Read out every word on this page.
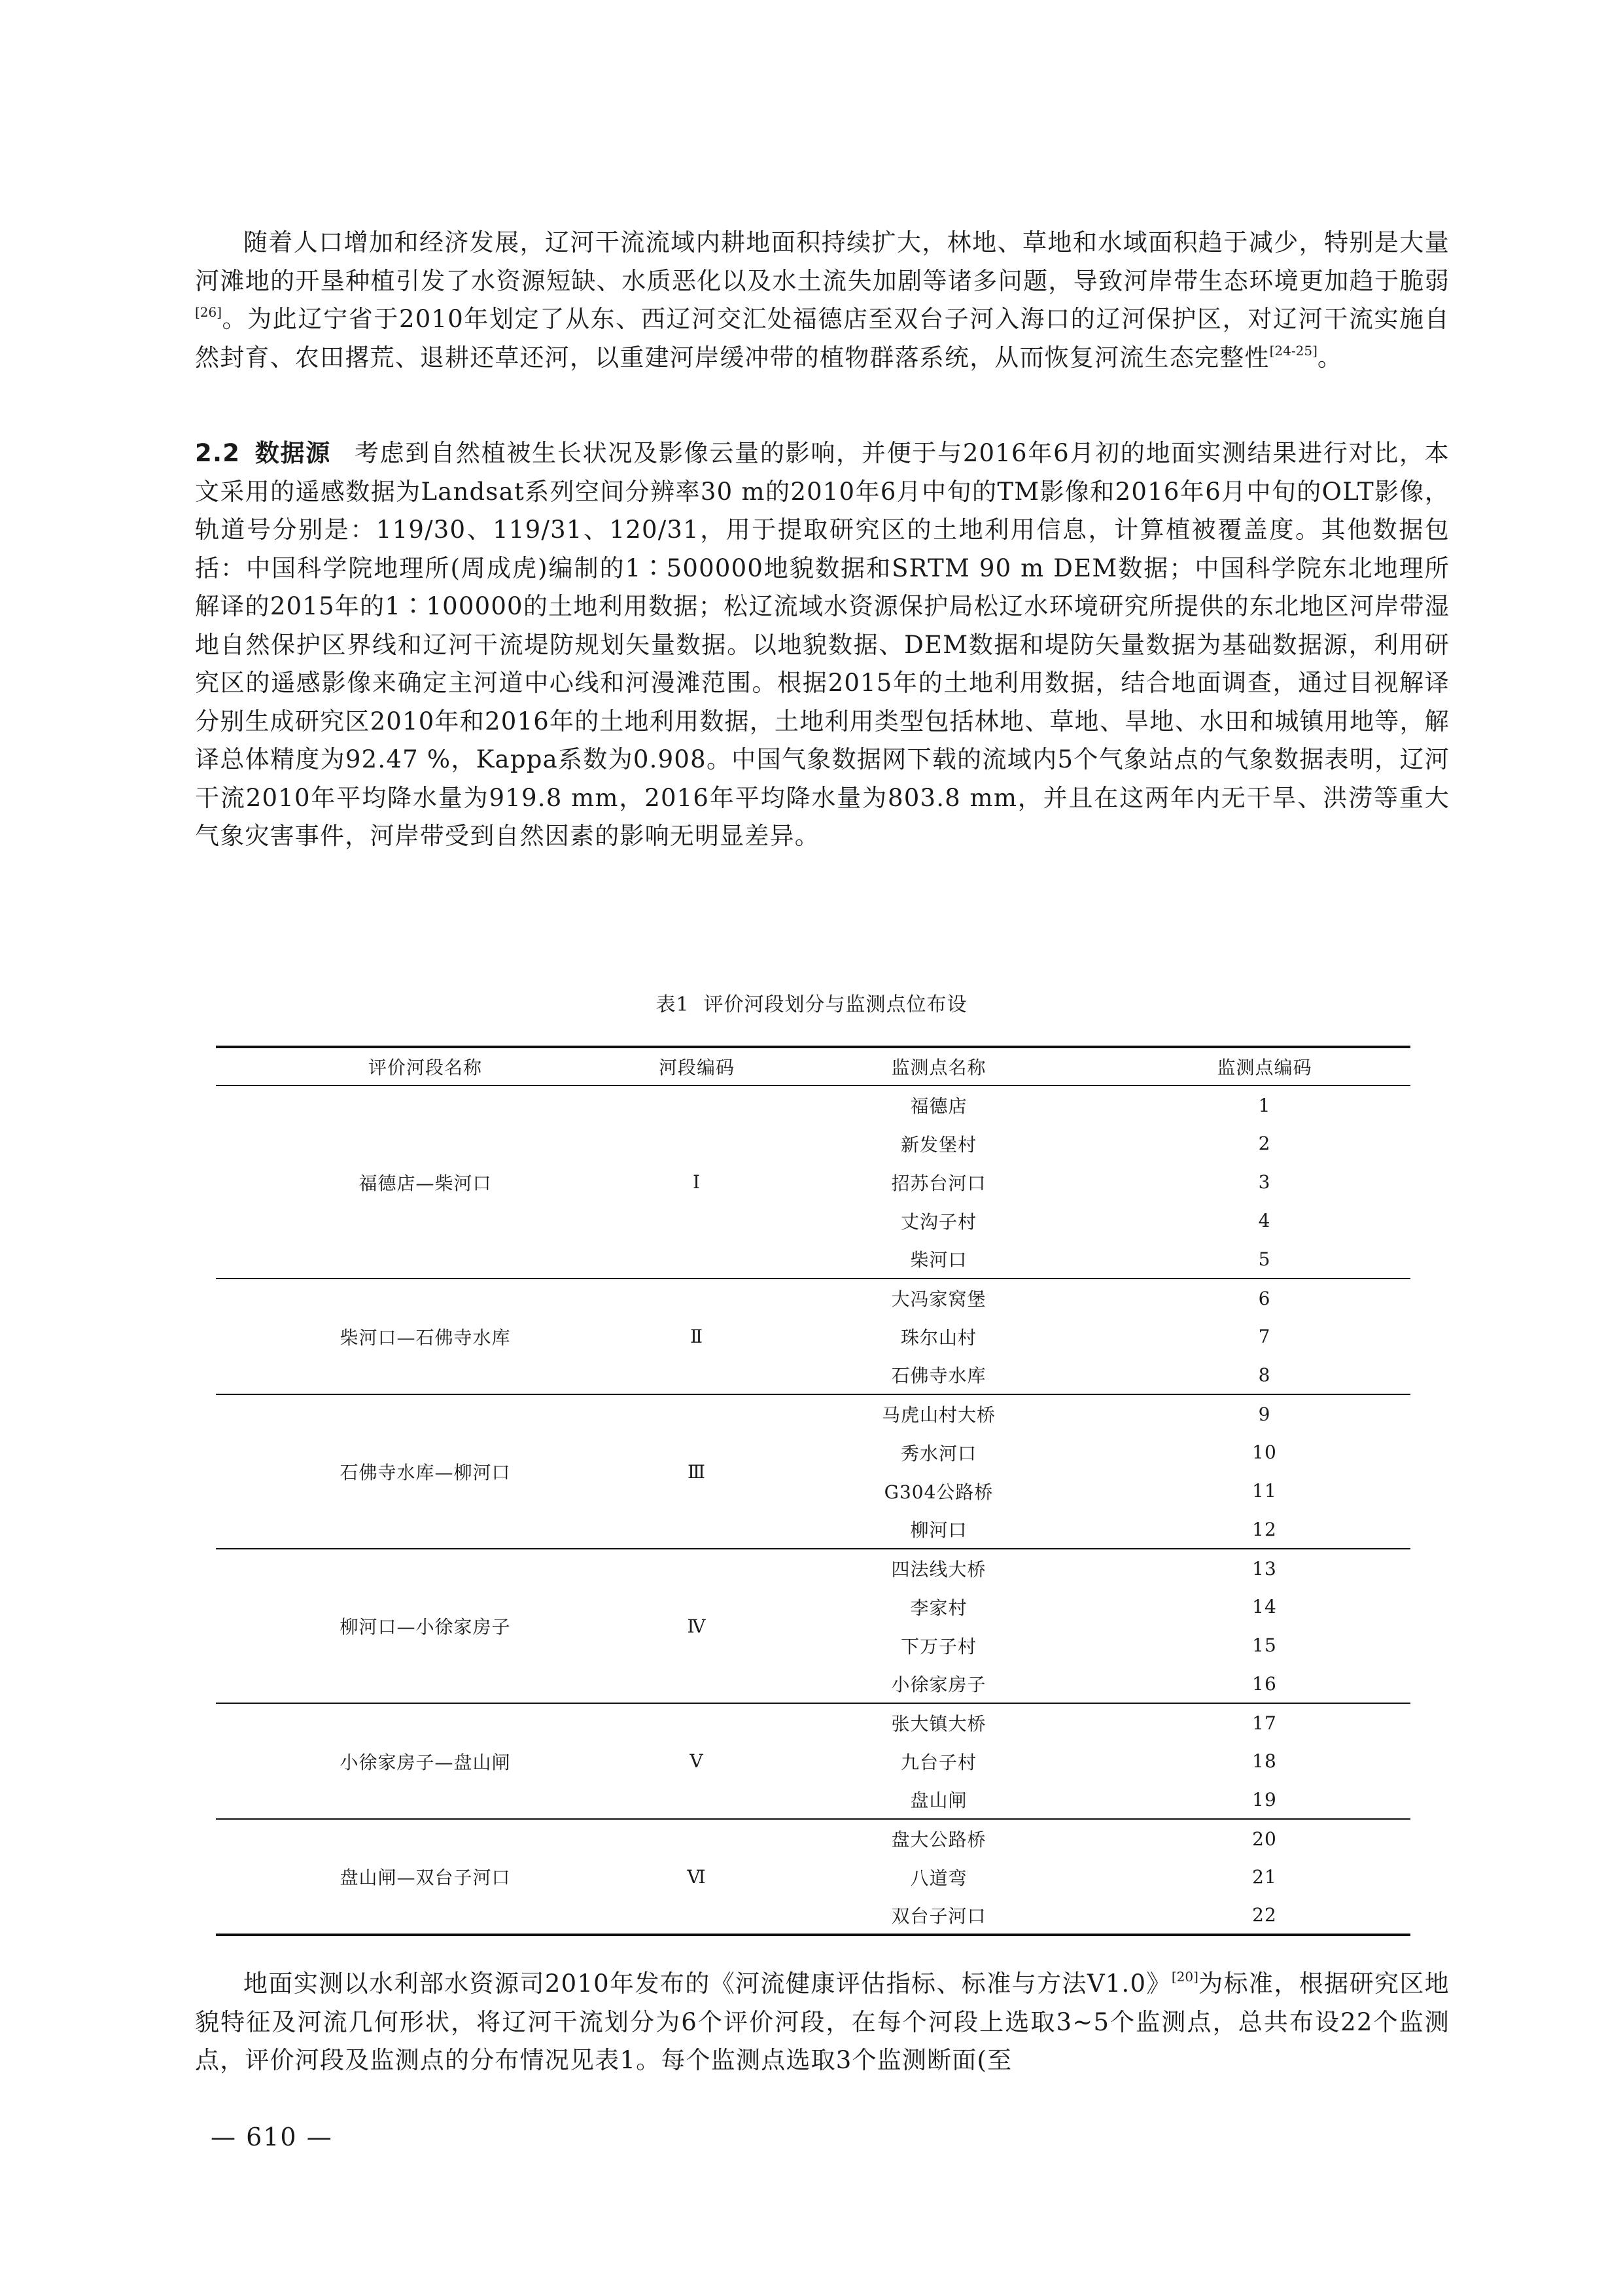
随着人口增加和经济发展，辽河干流流域内耕地面积持续扩大，林地、草地和水域面积趋于减少，特别是大量河滩地的开垦种植引发了水资源短缺、水质恶化以及水土流失加剧等诸多问题，导致河岸带生态环境更加趋于脆弱[26]。为此辽宁省于2010年划定了从东、西辽河交汇处福德店至双台子河入海口的辽河保护区，对辽河干流实施自然封育、农田撂荒、退耕还草还河，以重建河岸缓冲带的植物群落系统，从而恢复河流生态完整性[24-25]。

2.2 数据源 考虑到自然植被生长状况及影像云量的影响，并便于与2016年6月初的地面实测结果进行对比，本文采用的遥感数据为Landsat系列空间分辨率30 m的2010年6月中旬的TM影像和2016年6月中旬的OLT影像，轨道号分别是：119/30、119/31、120/31，用于提取研究区的土地利用信息，计算植被覆盖度。其他数据包括：中国科学院地理所(周成虎)编制的1∶500000地貌数据和SRTM 90 m DEM数据；中国科学院东北地理所解译的2015年的1∶100000的土地利用数据；松辽流域水资源保护局松辽水环境研究所提供的东北地区河岸带湿地自然保护区界线和辽河干流堤防规划矢量数据。以地貌数据、DEM数据和堤防矢量数据为基础数据源，利用研究区的遥感影像来确定主河道中心线和河漫滩范围。根据2015年的土地利用数据，结合地面调查，通过目视解译分别生成研究区2010年和2016年的土地利用数据，土地利用类型包括林地、草地、旱地、水田和城镇用地等，解译总体精度为92.47 %，Kappa系数为0.908。中国气象数据网下载的流域内5个气象站点的气象数据表明，辽河干流2010年平均降水量为919.8 mm，2016年平均降水量为803.8 mm，并且在这两年内无干旱、洪涝等重大气象灾害事件，河岸带受到自然因素的影响无明显差异。

表1 评价河段划分与监测点位布设
评价河段名称	河段编码	监测点名称	监测点编码
福德店—柴河口	Ⅰ	福德店	1
		新发堡村	2
		招苏台河口	3
		丈沟子村	4
		柴河口	5
柴河口—石佛寺水库	Ⅱ	大冯家窝堡	6
		珠尔山村	7
		石佛寺水库	8
石佛寺水库—柳河口	Ⅲ	马虎山村大桥	9
		秀水河口	10
		G304公路桥	11
		柳河口	12
柳河口—小徐家房子	Ⅳ	四法线大桥	13
		李家村	14
		下万子村	15
		小徐家房子	16
小徐家房子—盘山闸	Ⅴ	张大镇大桥	17
		九台子村	18
		盘山闸	19
盘山闸—双台子河口	Ⅵ	盘大公路桥	20
		八道弯	21
		双台子河口	22

地面实测以水利部水资源司2010年发布的《河流健康评估指标、标准与方法V1.0》[20]为标准，根据研究区地貌特征及河流几何形状，将辽河干流划分为6个评价河段，在每个河段上选取3~5个监测点，总共布设22个监测点，评价河段及监测点的分布情况见表1。每个监测点选取3个监测断面(至

— 610 —
